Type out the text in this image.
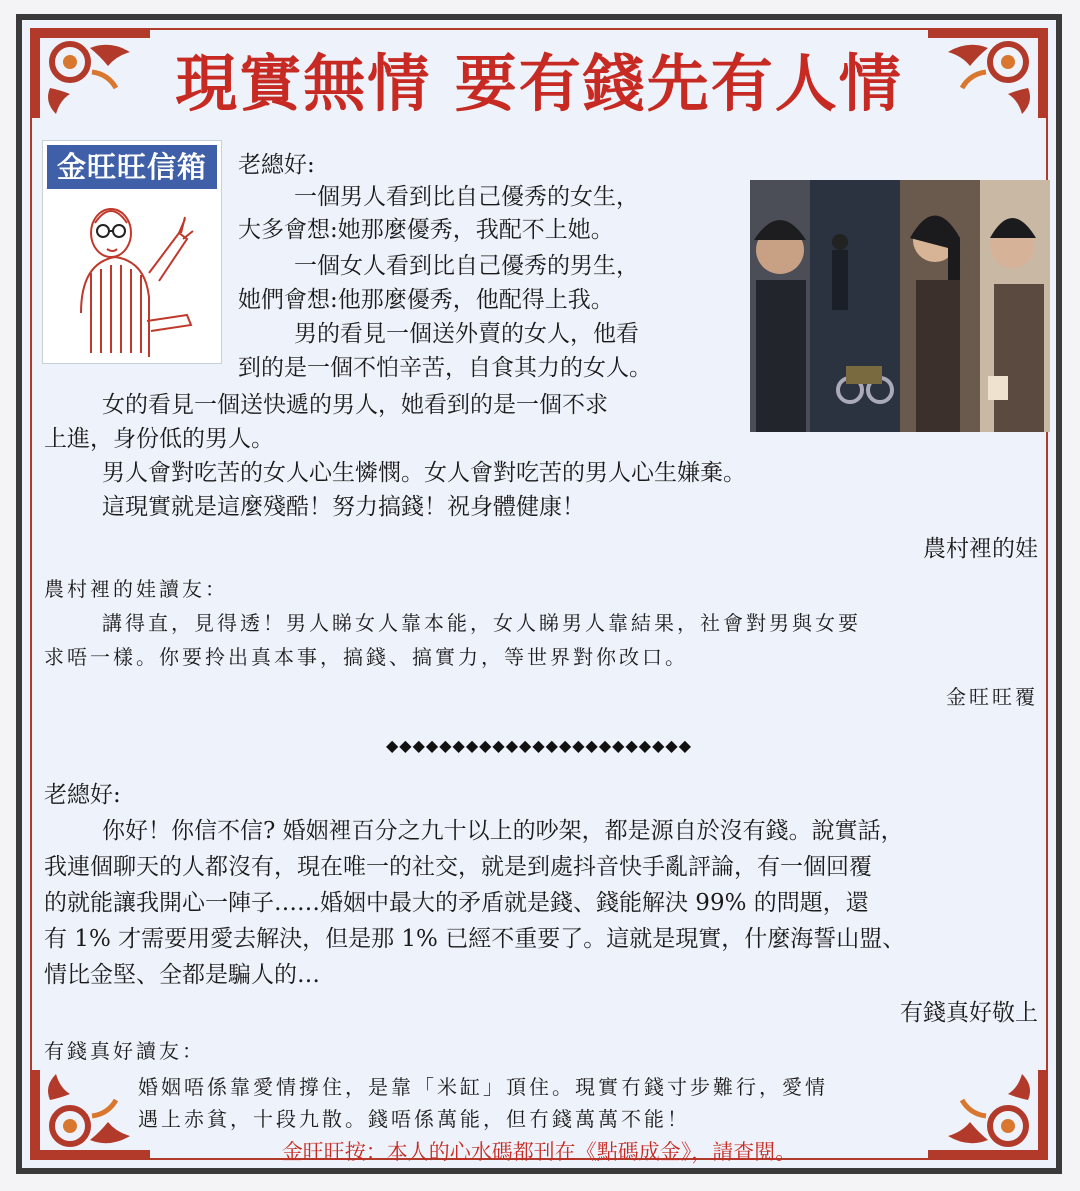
現實無情 要有錢先有人情
金旺旺信箱	老總好:
一個男人看到比自己優秀的女生，
大多會想:她那麼優秀，我配不上她。
一個女人看到比自己優秀的男生，
她們會想:他那麼優秀，他配得上我。
男的看見一個送外賣的女人，他看
到的是一個不怕辛苦，自食其力的女人。
女的看見一個送快遞的男人，她看到的是一個不求
上進，身份低的男人。
男人會對吃苦的女人心生憐憫。女人會對吃苦的男人心生嫌棄。
這現實就是這麼殘酷！努力搞錢！祝身體健康！
農村裡的娃
農村裡的娃讀友：
講得直，見得透！男人睇女人靠本能，女人睇男人靠結果，社會對男與女要
求唔一樣。你要拎出真本事，搞錢、搞實力，等世界對你改口。
金旺旺覆
◆◆◆◆◆◆◆◆◆◆◆◆◆◆◆◆◆◆◆◆◆◆◆
老總好:
你好！你信不信? 婚姻裡百分之九十以上的吵架，都是源自於沒有錢。說實話，
我連個聊天的人都沒有，現在唯一的社交，就是到處抖音快手亂評論，有一個回覆
的就能讓我開心一陣子……婚姻中最大的矛盾就是錢、錢能解決 99% 的問題，還
有 1% 才需要用愛去解決，但是那 1% 已經不重要了。這就是現實，什麼海誓山盟、
情比金堅、全都是騙人的…
有錢真好敬上
有錢真好讀友：
婚姻唔係靠愛情撐住，是靠「米缸」頂住。現實冇錢寸步難行，愛情
遇上赤貧，十段九散。錢唔係萬能，但冇錢萬萬不能！
金旺旺按：本人的心水碼都刊在《點碼成金》，請查閱。
